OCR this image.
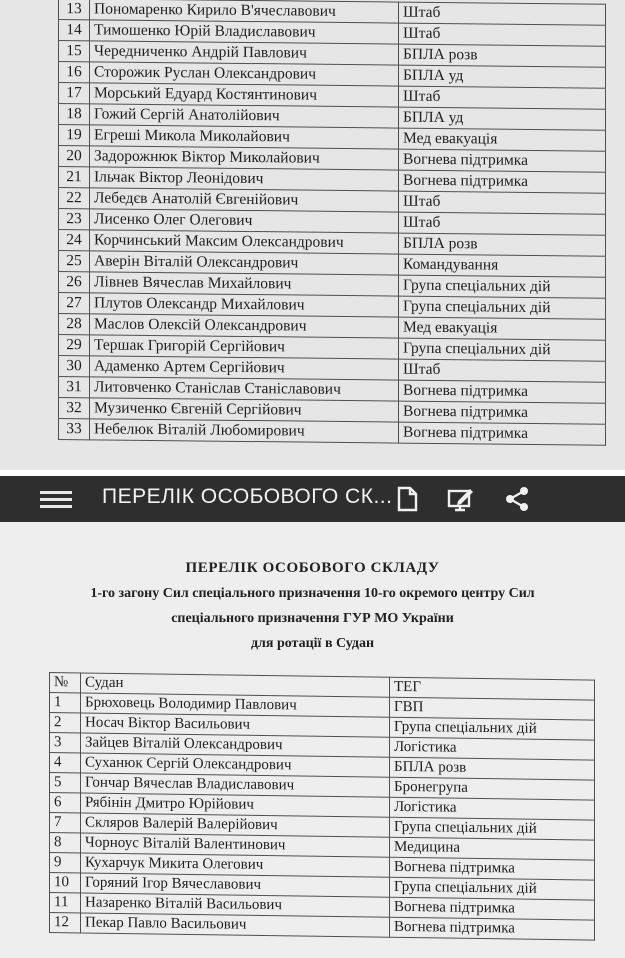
13	Пономаренко Кирило В'ячеславович	Штаб
14	Тимошенко Юрій Владиславович	Штаб
15	Чередниченко Андрій Павлович	БПЛА розв
16	Сторожик Руслан Олександрович	БПЛА уд
17	Морський Едуард Костянтинович	Штаб
18	Гожий Сергій Анатолійович	БПЛА уд
19	Егреші Микола Миколайович	Мед евакуація
20	Задорожнюк Віктор Миколайович	Вогнева підтримка
21	Ільчак Віктор Леонідович	Вогнева підтримка
22	Лебедєв Анатолій Євгенійович	Штаб
23	Лисенко Олег Олегович	Штаб
24	Корчинський Максим Олександрович	БПЛА розв
25	Аверін Віталій Олександрович	Командування
26	Лівнев Вячеслав Михайлович	Група спеціальних дій
27	Плутов Олександр Михайлович	Група спеціальних дій
28	Маслов Олексій Олександрович	Мед евакуація
29	Тершак Григорій Сергійович	Група спеціальних дій
30	Адаменко Артем Сергійович	Штаб
31	Литовченко Станіслав Станіславович	Вогнева підтримка
32	Музиченко Євгеній Сергійович	Вогнева підтримка
33	Небелюк Віталій Любомирович	Вогнева підтримка
ПЕРЕЛІК ОСОБОВОГО СК...
ПЕРЕЛІК ОСОБОВОГО СКЛАДУ
1-го загону Сил спеціального призначення 10-го окремого центру Сил
спеціального призначення ГУР МО України
для ротації в Судан
№	Судан	ТЕГ
1	Брюховець Володимир Павлович	ГВП
2	Носач Віктор Васильович	Група спеціальних дій
3	Зайцев Віталій Олександрович	Логістика
4	Суханюк Сергій Олександрович	БПЛА розв
5	Гончар Вячеслав Владиславович	Бронегрупа
6	Рябінін Дмитро Юрійович	Логістика
7	Скляров Валерій Валерійович	Група спеціальних дій
8	Чорноус Віталій Валентинович	Медицина
9	Кухарчук Микита Олегович	Вогнева підтримка
10	Горяний Ігор Вячеславович	Група спеціальних дій
11	Назаренко Віталій Васильович	Вогнева підтримка
12	Пекар Павло Васильович	Вогнева підтримка
